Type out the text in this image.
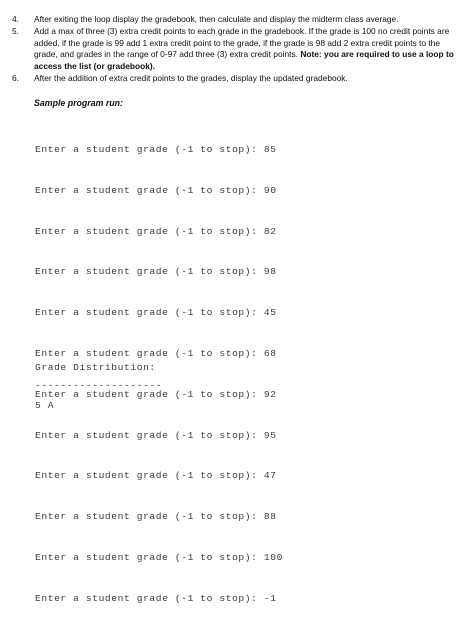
4.	After exiting the loop display the gradebook, then calculate and display the midterm class average.
5.	Add a max of three (3) extra credit points to each grade in the gradebook. If the grade is 100 no credit points are added, if the grade is 99 add 1 extra credit point to the grade, if the grade is 98 add 2 extra credit points to the grade, and grades in the range of 0-97 add three (3) extra credit points. Note: you are required to use a loop to access the list (or gradebook).
6.	After the addition of extra credit points to the grades, display the updated gradebook.
Sample program run:

Enter a student grade (-1 to stop): 85

Enter a student grade (-1 to stop): 90

Enter a student grade (-1 to stop): 82

Enter a student grade (-1 to stop): 98

Enter a student grade (-1 to stop): 45

Enter a student grade (-1 to stop): 68

Enter a student grade (-1 to stop): 92

Enter a student grade (-1 to stop): 95

Enter a student grade (-1 to stop): 47

Enter a student grade (-1 to stop): 88

Enter a student grade (-1 to stop): 100

Enter a student grade (-1 to stop): -1

Grade Distribution:
--------------------
5 A
